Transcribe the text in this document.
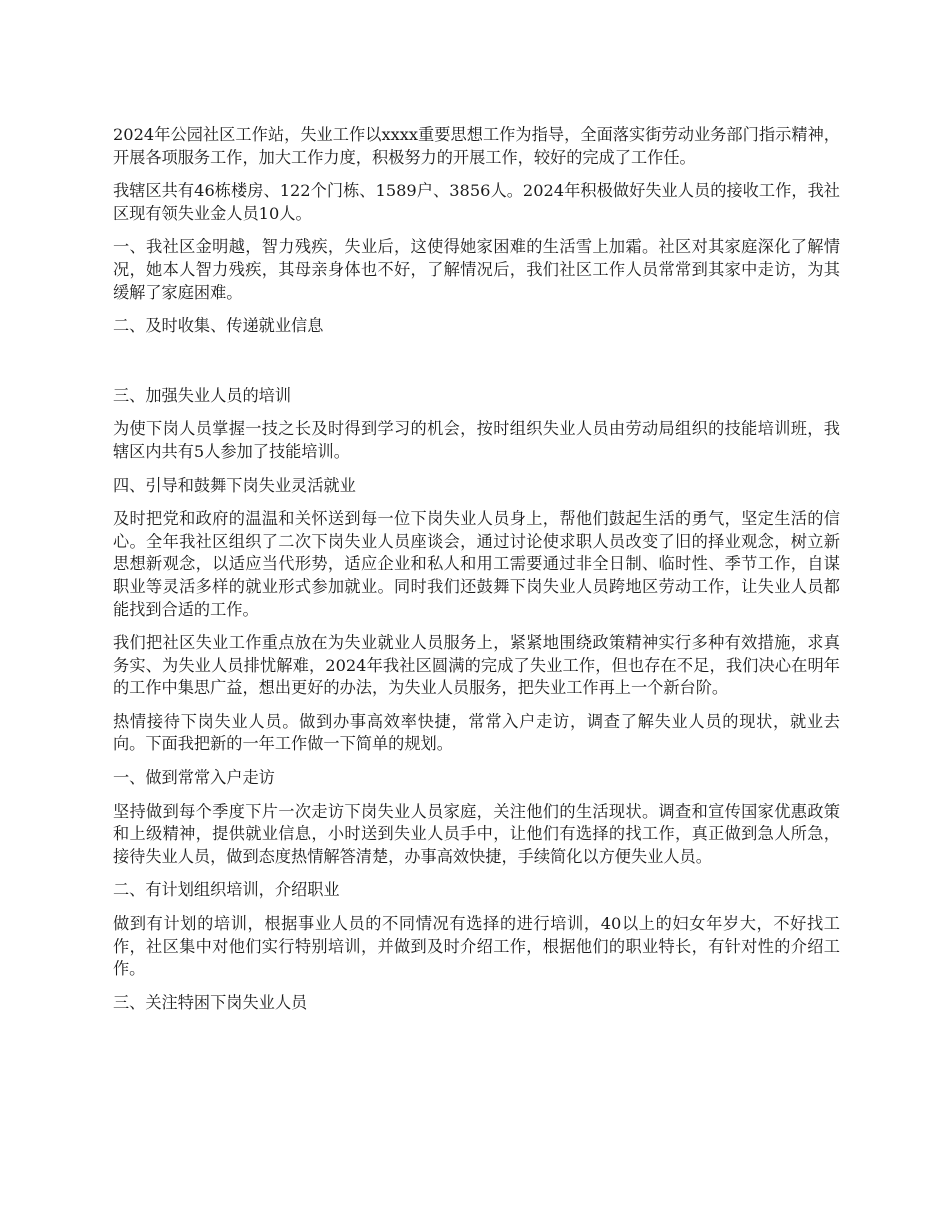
2024年公园社区工作站，失业工作以xxxx重要思想工作为指导，全面落实街劳动业务部门指示精神，开展各项服务工作，加大工作力度，积极努力的开展工作，较好的完成了工作任。

我辖区共有46栋楼房、122个门栋、1589户、3856人。2024年积极做好失业人员的接收工作，我社区现有领失业金人员10人。

一、我社区金明越，智力残疾，失业后，这使得她家困难的生活雪上加霜。社区对其家庭深化了解情况，她本人智力残疾，其母亲身体也不好，了解情况后，我们社区工作人员常常到其家中走访，为其缓解了家庭困难。

二、及时收集、传递就业信息

三、加强失业人员的培训

为使下岗人员掌握一技之长及时得到学习的机会，按时组织失业人员由劳动局组织的技能培训班，我辖区内共有5人参加了技能培训。

四、引导和鼓舞下岗失业灵活就业

及时把党和政府的温温和关怀送到每一位下岗失业人员身上，帮他们鼓起生活的勇气，坚定生活的信心。全年我社区组织了二次下岗失业人员座谈会，通过讨论使求职人员改变了旧的择业观念，树立新思想新观念，以适应当代形势，适应企业和私人和用工需要通过非全日制、临时性、季节工作，自谋职业等灵活多样的就业形式参加就业。同时我们还鼓舞下岗失业人员跨地区劳动工作，让失业人员都能找到合适的工作。

我们把社区失业工作重点放在为失业就业人员服务上，紧紧地围绕政策精神实行多种有效措施，求真务实、为失业人员排忧解难，2024年我社区圆满的完成了失业工作，但也存在不足，我们决心在明年的工作中集思广益，想出更好的办法，为失业人员服务，把失业工作再上一个新台阶。

热情接待下岗失业人员。做到办事高效率快捷，常常入户走访，调查了解失业人员的现状，就业去向。下面我把新的一年工作做一下简单的规划。

一、做到常常入户走访

坚持做到每个季度下片一次走访下岗失业人员家庭，关注他们的生活现状。调查和宣传国家优惠政策和上级精神，提供就业信息，小时送到失业人员手中，让他们有选择的找工作，真正做到急人所急，接待失业人员，做到态度热情解答清楚，办事高效快捷，手续简化以方便失业人员。

二、有计划组织培训，介绍职业

做到有计划的培训，根据事业人员的不同情况有选择的进行培训，40以上的妇女年岁大，不好找工作，社区集中对他们实行特别培训，并做到及时介绍工作，根据他们的职业特长，有针对性的介绍工作。

三、关注特困下岗失业人员
